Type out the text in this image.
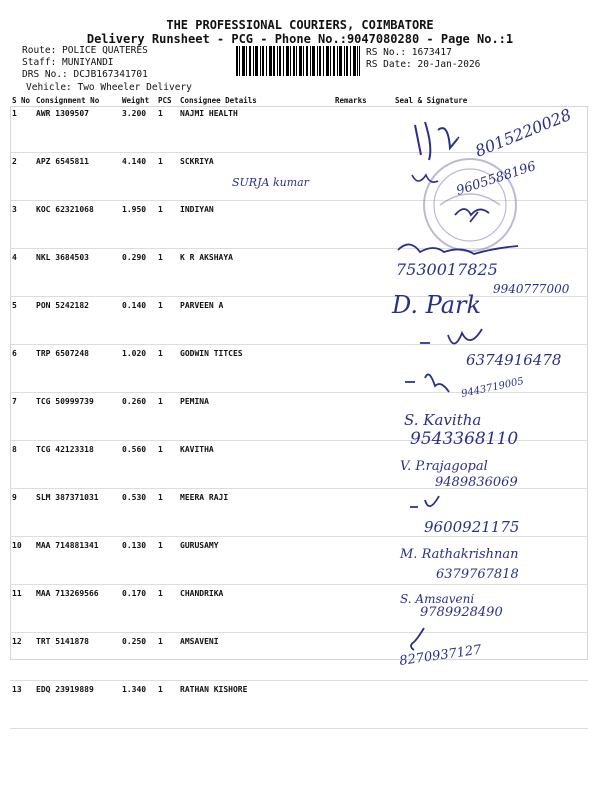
THE PROFESSIONAL COURIERS, COIMBATORE
Delivery Runsheet - PCG - Phone No.:9047080280 - Page No.:1
Route: POLICE QUATERES
Staff: MUNIYANDI
DRS No.: DCJB167341701
Vehicle: Two Wheeler Delivery
RS No.: 1673417
RS Date: 20-Jan-2026
S No	Consignment No	Weight	PCS	Consignee Details	Remarks	Seal & Signature
1	AWR 1309507	3.200	1	NAJMI HEALTH		
2	APZ 6545811	4.140	1	SCKRIYA		
3	KOC 62321068	1.950	1	INDIYAN		
4	NKL 3684503	0.290	1	K R AKSHAYA		
5	PON 5242182	0.140	1	PARVEEN A		
6	TRP 6507248	1.020	1	GODWIN TITCES		
7	TCG 50999739	0.260	1	PEMINA		
8	TCG 42123318	0.560	1	KAVITHA		
9	SLM 387371031	0.530	1	MEERA RAJI		
10	MAA 714881341	0.130	1	GURUSAMY		
11	MAA 713269566	0.170	1	CHANDRIKA		
12	TRT 5141878	0.250	1	AMSAVENI		
13	EDQ 23919889	1.340	1	RATHAN KISHORE		
8015220028
9605588196
SURJA kumar
7530017825
D. Park
9940777000
6374916478
9443719005
S. Kavitha
9543368110
V. P.rajagopal
9489836069
9600921175
M. Rathakrishnan
6379767818
S. Amsaveni
9789928490
8270937127
